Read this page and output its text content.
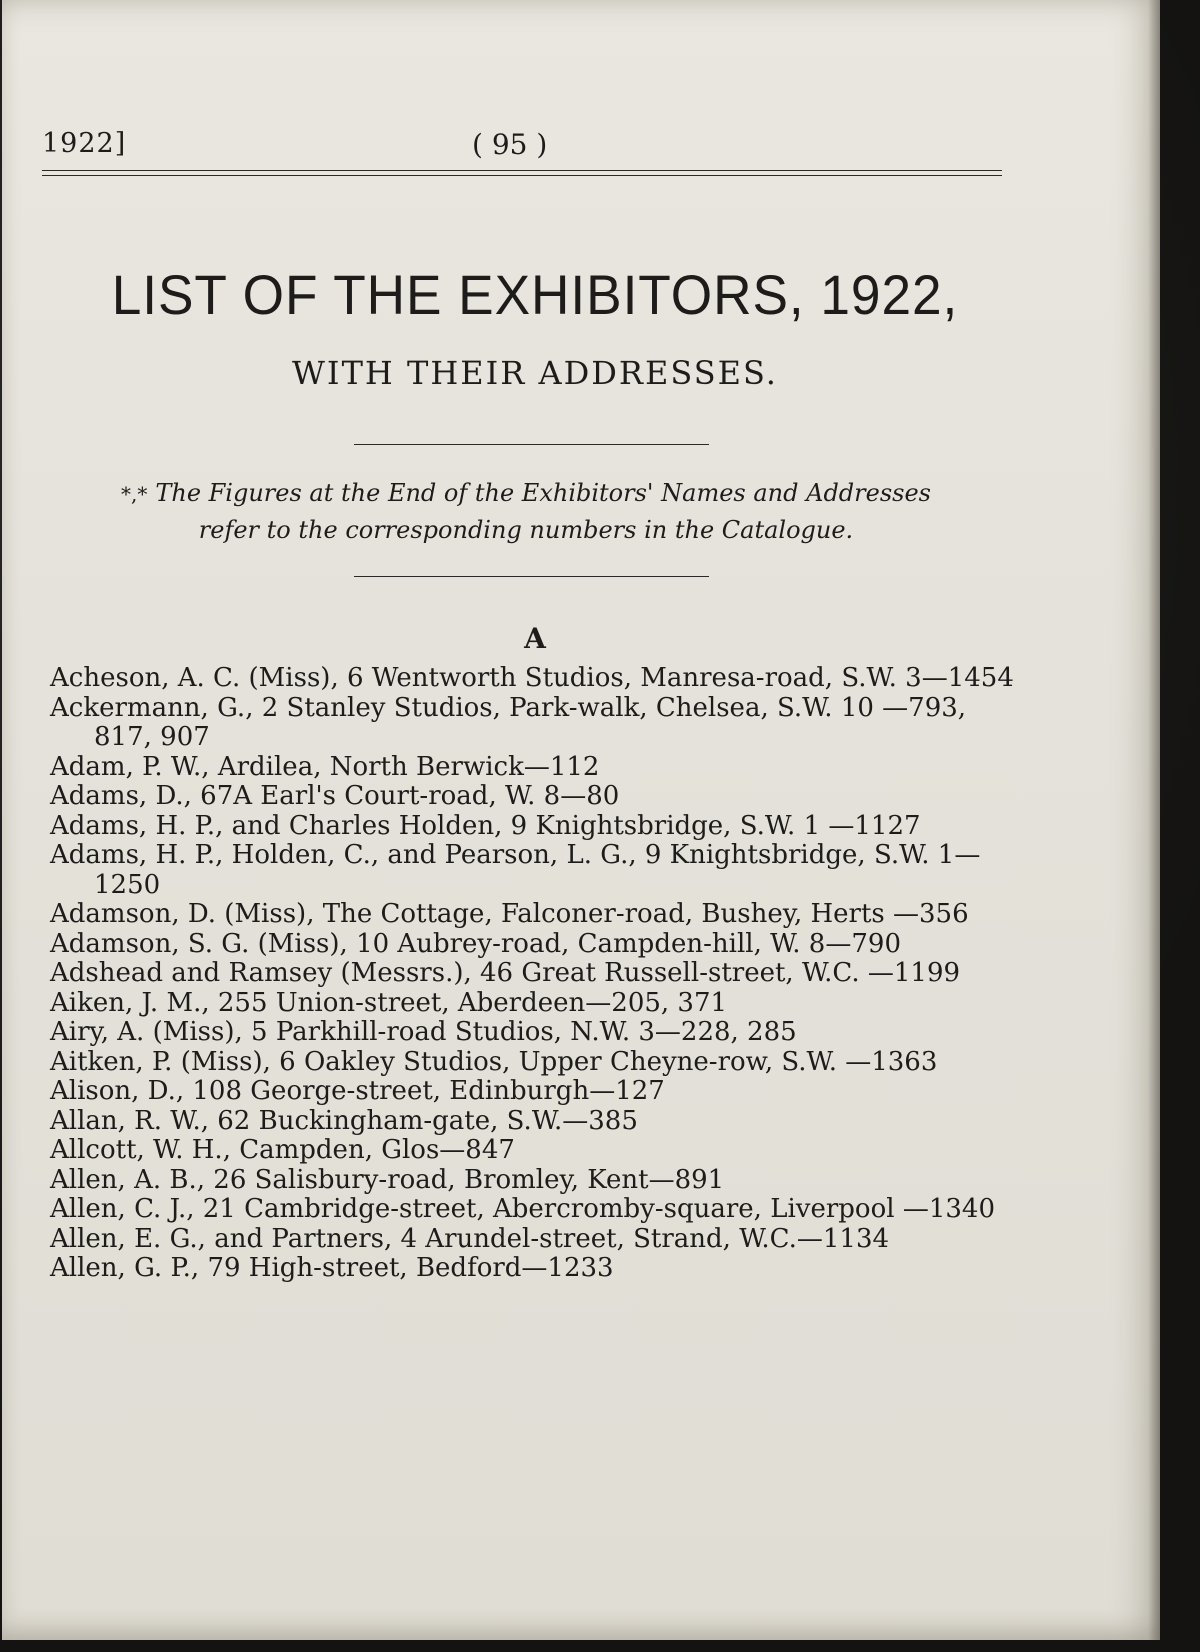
1922]	( 95 )
LIST OF THE EXHIBITORS, 1922,
WITH THEIR ADDRESSES.
*,* The Figures at the End of the Exhibitors' Names and Addresses
refer to the corresponding numbers in the Catalogue.
A
Acheson, A. C. (Miss), 6 Wentworth Studios, Manresa-road, S.W. 3—1454
Ackermann, G., 2 Stanley Studios, Park-walk, Chelsea, S.W. 10 —793, 817, 907
Adam, P. W., Ardilea, North Berwick—112
Adams, D., 67A Earl's Court-road, W. 8—80
Adams, H. P., and Charles Holden, 9 Knightsbridge, S.W. 1 —1127
Adams, H. P., Holden, C., and Pearson, L. G., 9 Knightsbridge, S.W. 1—1250
Adamson, D. (Miss), The Cottage, Falconer-road, Bushey, Herts —356
Adamson, S. G. (Miss), 10 Aubrey-road, Campden-hill, W. 8—790
Adshead and Ramsey (Messrs.), 46 Great Russell-street, W.C. —1199
Aiken, J. M., 255 Union-street, Aberdeen—205, 371
Airy, A. (Miss), 5 Parkhill-road Studios, N.W. 3—228, 285
Aitken, P. (Miss), 6 Oakley Studios, Upper Cheyne-row, S.W. —1363
Alison, D., 108 George-street, Edinburgh—127
Allan, R. W., 62 Buckingham-gate, S.W.—385
Allcott, W. H., Campden, Glos—847
Allen, A. B., 26 Salisbury-road, Bromley, Kent—891
Allen, C. J., 21 Cambridge-street, Abercromby-square, Liverpool —1340
Allen, E. G., and Partners, 4 Arundel-street, Strand, W.C.—1134
Allen, G. P., 79 High-street, Bedford—1233
